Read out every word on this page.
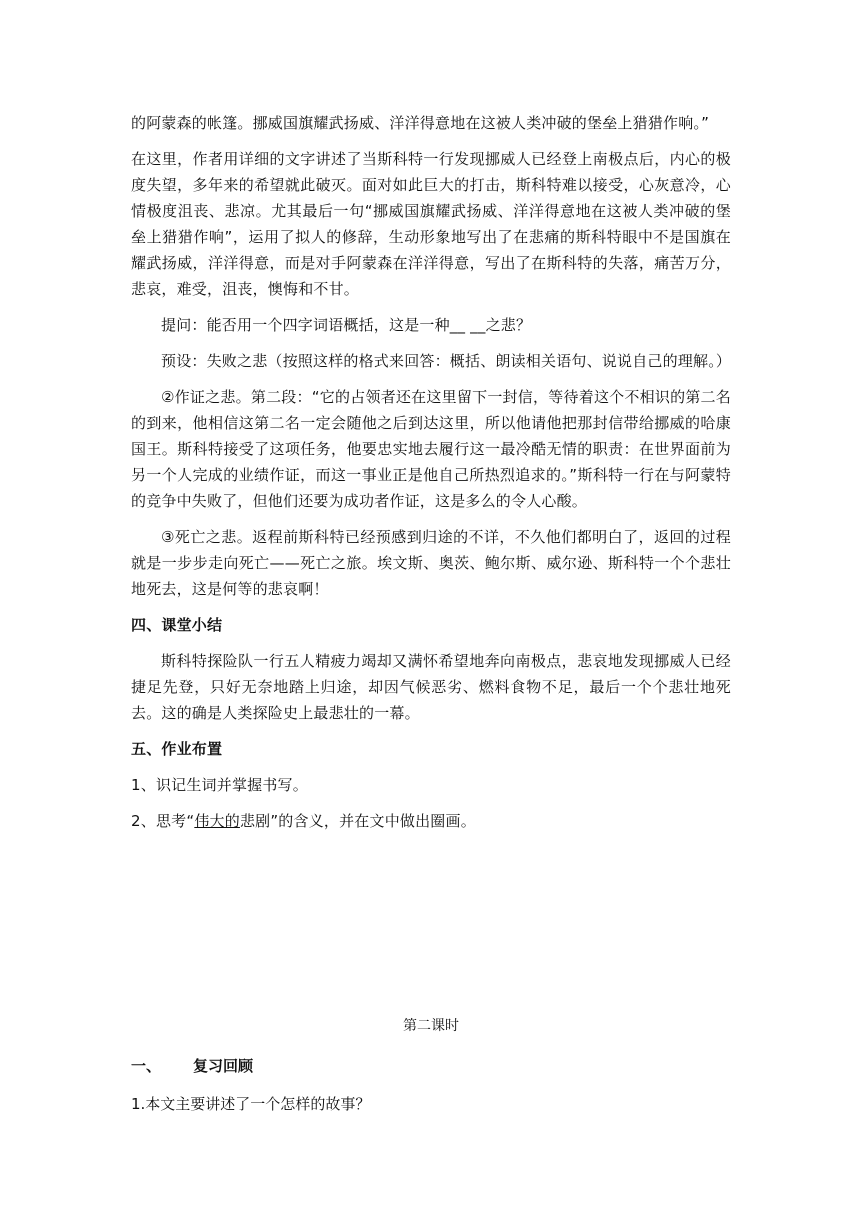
的阿蒙森的帐篷。挪威国旗耀武扬威、洋洋得意地在这被人类冲破的堡垒上猎猎作响。”

在这里，作者用详细的文字讲述了当斯科特一行发现挪威人已经登上南极点后，内心的极度失望，多年来的希望就此破灭。面对如此巨大的打击，斯科特难以接受，心灰意冷，心情极度沮丧、悲凉。尤其最后一句“挪威国旗耀武扬威、洋洋得意地在这被人类冲破的堡垒上猎猎作响”，运用了拟人的修辞，生动形象地写出了在悲痛的斯科特眼中不是国旗在耀武扬威，洋洋得意，而是对手阿蒙森在洋洋得意，写出了在斯科特的失落，痛苦万分，悲哀，难受，沮丧，懊悔和不甘。

提问：能否用一个四字词语概括，这是一种__ __之悲？

预设：失败之悲（按照这样的格式来回答：概括、朗读相关语句、说说自己的理解。）

②作证之悲。第二段：“它的占领者还在这里留下一封信，等待着这个不相识的第二名的到来，他相信这第二名一定会随他之后到达这里，所以他请他把那封信带给挪威的哈康国王。斯科特接受了这项任务，他要忠实地去履行这一最冷酷无情的职责：在世界面前为另一个人完成的业绩作证，而这一事业正是他自己所热烈追求的。”斯科特一行在与阿蒙特的竞争中失败了，但他们还要为成功者作证，这是多么的令人心酸。

③死亡之悲。返程前斯科特已经预感到归途的不详，不久他们都明白了，返回的过程就是一步步走向死亡——死亡之旅。埃文斯、奥茨、鲍尔斯、威尔逊、斯科特一个个悲壮地死去，这是何等的悲哀啊！

四、课堂小结

斯科特探险队一行五人精疲力竭却又满怀希望地奔向南极点，悲哀地发现挪威人已经捷足先登，只好无奈地踏上归途，却因气候恶劣、燃料食物不足，最后一个个悲壮地死去。这的确是人类探险史上最悲壮的一幕。

五、作业布置

1、识记生词并掌握书写。

2、思考“伟大的悲剧”的含义，并在文中做出圈画。

第二课时
一、	复习回顾
1.本文主要讲述了一个怎样的故事？
